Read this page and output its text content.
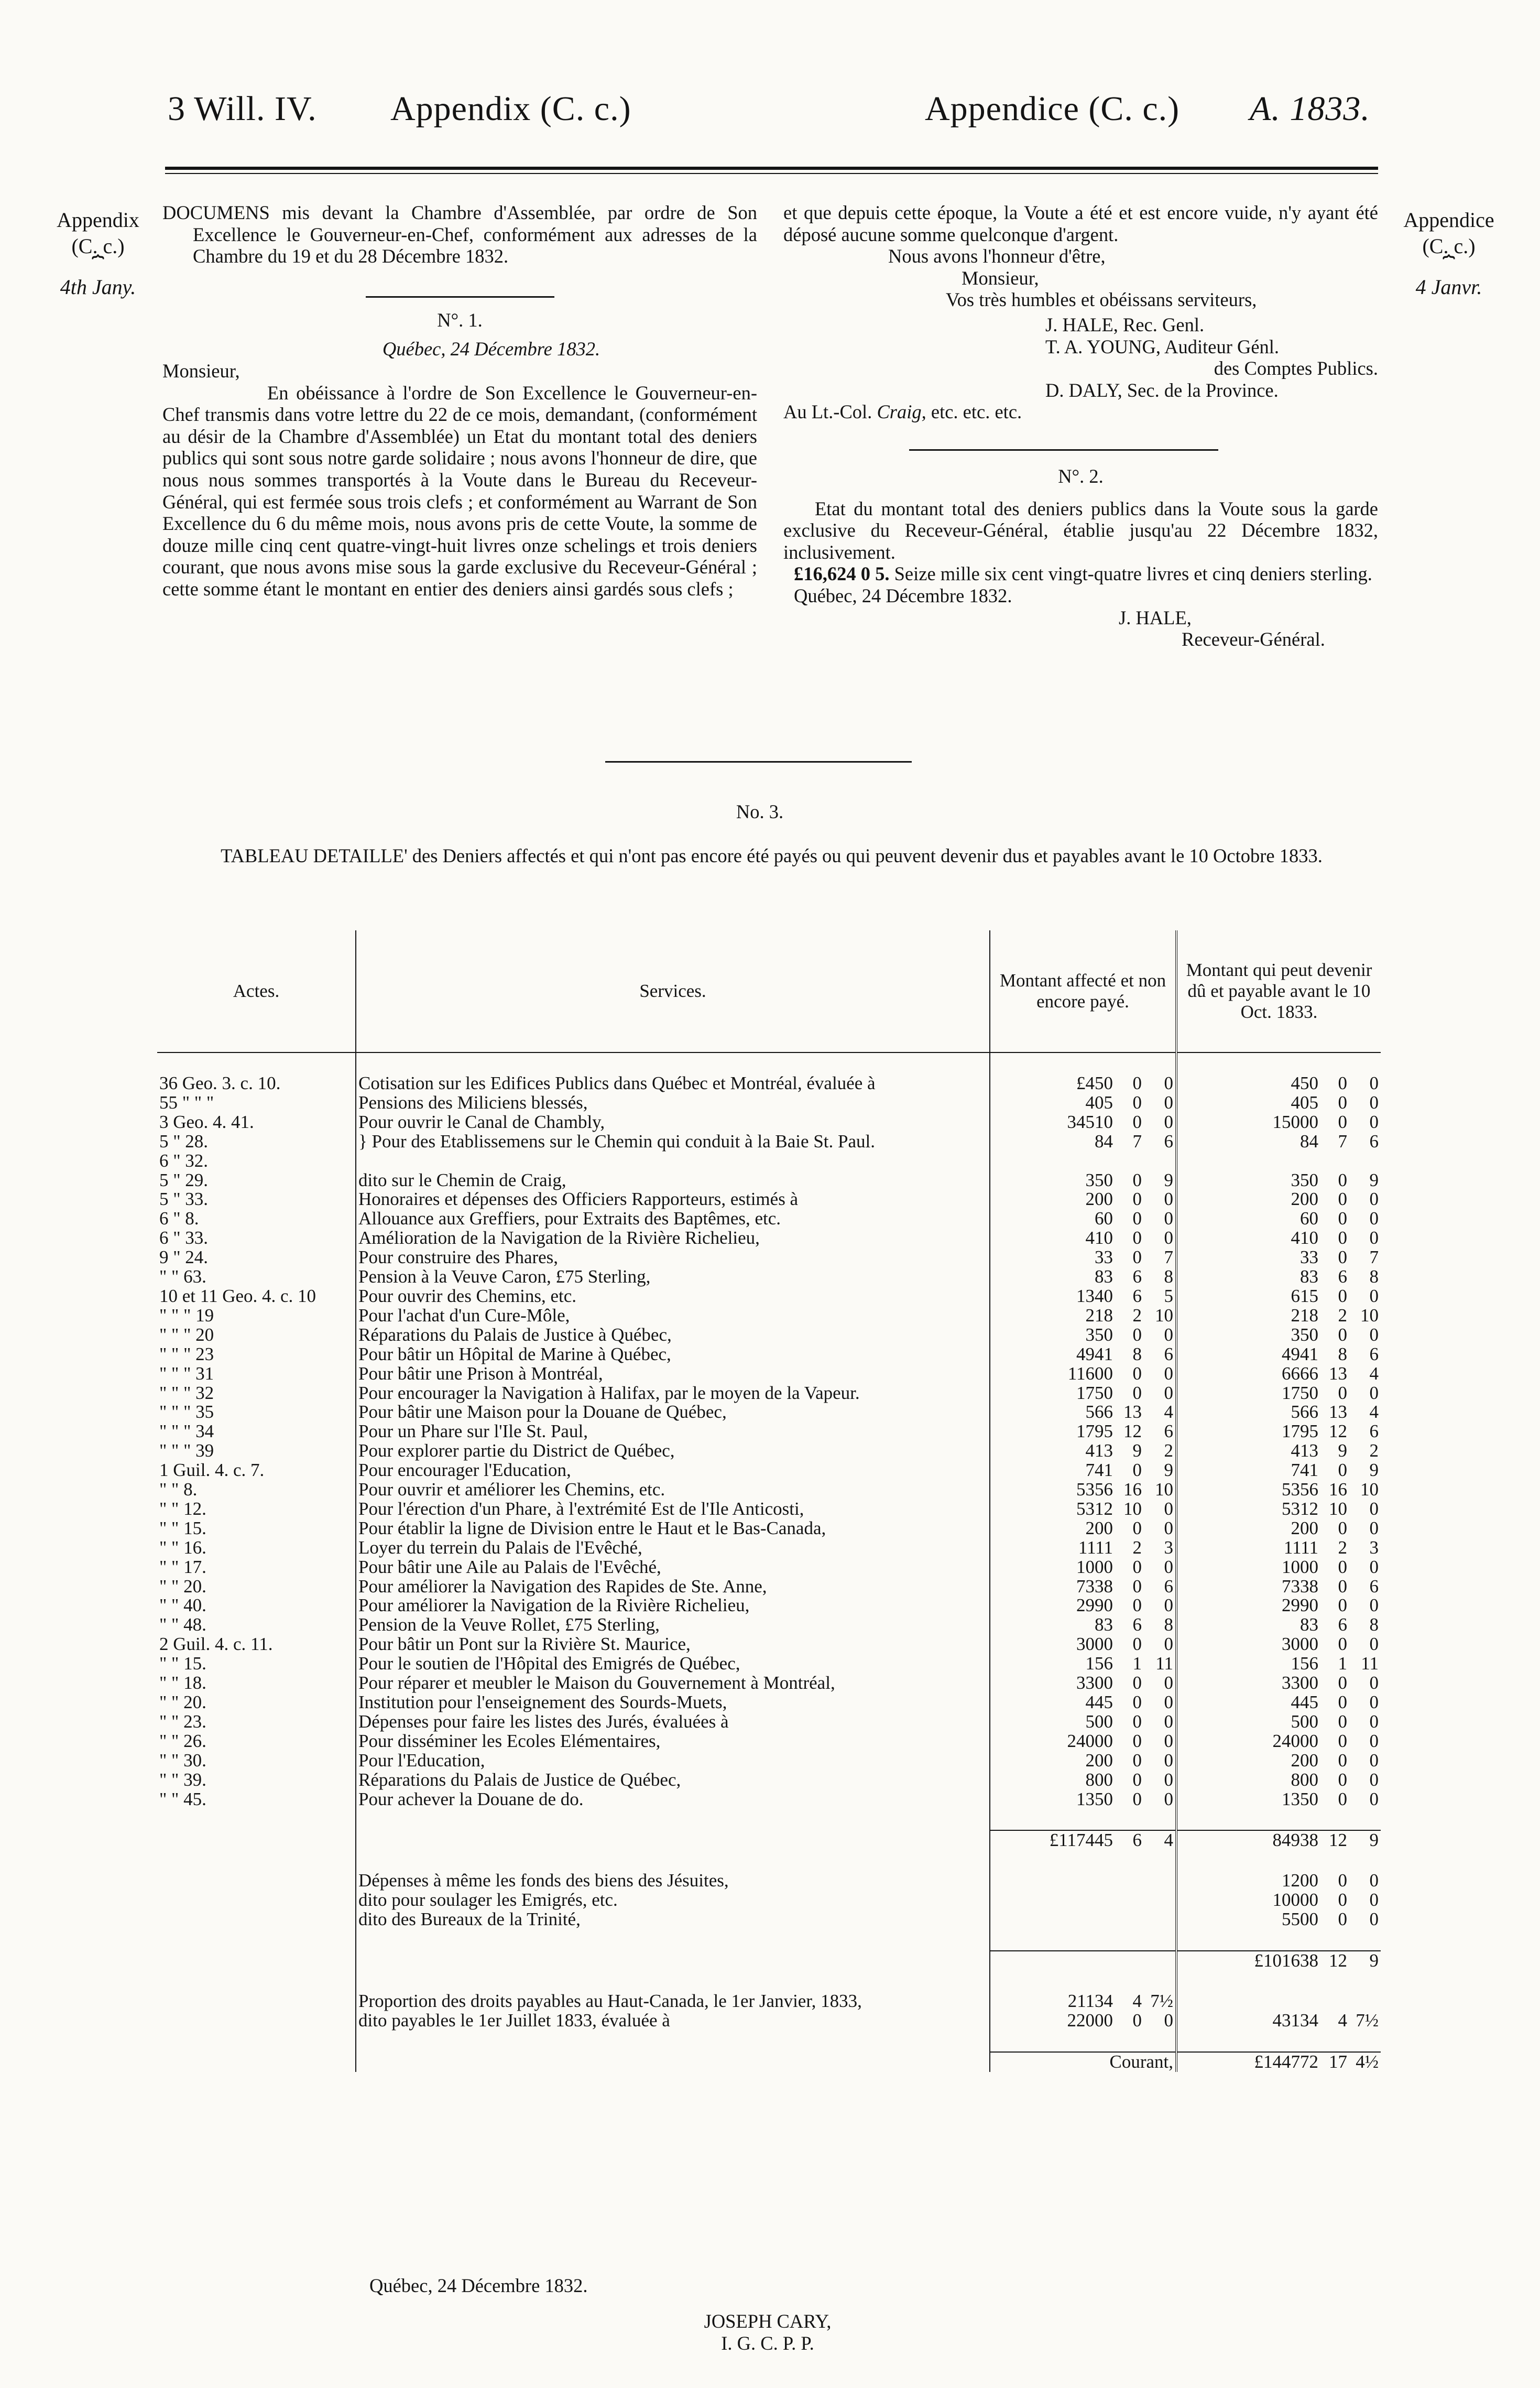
3 Will. IV. Appendix (C. c.)	Appendice (C. c.) A. 1833.
Appendix
(C. c.)
⏞
4th Jany.
Appendice
(C. c.)
⏞
4 Janvr.

DOCUMENS mis devant la Chambre d'Assemblée, par ordre de Son Excellence le Gouverneur-en-Chef, conformément aux adresses de la Chambre du 19 et du 28 Décembre 1832.

N°. 1.

Québec, 24 Décembre 1832.

Monsieur,

En obéissance à l'ordre de Son Excellence le Gouverneur-en-Chef transmis dans votre lettre du 22 de ce mois, demandant, (conformément au désir de la Chambre d'Assemblée) un Etat du montant total des deniers publics qui sont sous notre garde solidaire ; nous avons l'honneur de dire, que nous nous sommes transportés à la Voute dans le Bureau du Receveur-Général, qui est fermée sous trois clefs ; et conformément au Warrant de Son Excellence du 6 du même mois, nous avons pris de cette Voute, la somme de douze mille cinq cent quatre-vingt-huit livres onze schelings et trois deniers courant, que nous avons mise sous la garde exclusive du Receveur-Général ; cette somme étant le montant en entier des deniers ainsi gardés sous clefs ;

et que depuis cette époque, la Voute a été et est encore vuide, n'y ayant été déposé aucune somme quelconque d'argent.

Nous avons l'honneur d'être,

Monsieur,

Vos très humbles et obéissans serviteurs,

J. HALE, Rec. Genl.

T. A. YOUNG, Auditeur Génl.

des Comptes Publics.

D. DALY, Sec. de la Province.

Au Lt.-Col. Craig, etc. etc. etc.

N°. 2.

Etat du montant total des deniers publics dans la Voute sous la garde exclusive du Receveur-Général, établie jusqu'au 22 Décembre 1832, inclusivement.

£16,624 0 5. Seize mille six cent vingt-quatre livres et cinq deniers sterling.

Québec, 24 Décembre 1832.

J. HALE,

Receveur-Général.

No. 3.
TABLEAU DETAILLE' des Deniers affectés et qui n'ont pas encore été payés ou qui peuvent devenir dus et payables avant le 10 Octobre 1833.
Actes.	Services.	Montant affecté et non encore payé.	Montant qui peut devenir dû et payable avant le 10 Oct. 1833.

36 Geo. 3. c. 10.	Cotisation sur les Edifices Publics dans Québec et Montréal, évaluée à	£450 0 0	450 0 0
55 " " "	Pensions des Miliciens blessés,	405 0 0	405 0 0
3 Geo. 4. 41.	Pour ouvrir le Canal de Chambly,	34510 0 0	15000 0 0
5 " 28.	} Pour des Etablissemens sur le Chemin qui conduit à la Baie St. Paul.	84 7 6	84 7 6
6 " 32.			
5 " 29.	dito sur le Chemin de Craig,	350 0 9	350 0 9
5 " 33.	Honoraires et dépenses des Officiers Rapporteurs, estimés à	200 0 0	200 0 0
6 " 8.	Allouance aux Greffiers, pour Extraits des Baptêmes, etc.	60 0 0	60 0 0
6 " 33.	Amélioration de la Navigation de la Rivière Richelieu,	410 0 0	410 0 0
9 " 24.	Pour construire des Phares,	33 0 7	33 0 7
" " 63.	Pension à la Veuve Caron, £75 Sterling,	83 6 8	83 6 8
10 et 11 Geo. 4. c. 10	Pour ouvrir des Chemins, etc.	1340 6 5	615 0 0
" " " 19	Pour l'achat d'un Cure-Môle,	218 2 10	218 2 10
" " " 20	Réparations du Palais de Justice à Québec,	350 0 0	350 0 0
" " " 23	Pour bâtir un Hôpital de Marine à Québec,	4941 8 6	4941 8 6
" " " 31	Pour bâtir une Prison à Montréal,	11600 0 0	6666 13 4
" " " 32	Pour encourager la Navigation à Halifax, par le moyen de la Vapeur.	1750 0 0	1750 0 0
" " " 35	Pour bâtir une Maison pour la Douane de Québec,	566 13 4	566 13 4
" " " 34	Pour un Phare sur l'Ile St. Paul,	1795 12 6	1795 12 6
" " " 39	Pour explorer partie du District de Québec,	413 9 2	413 9 2
1 Guil. 4. c. 7.	Pour encourager l'Education,	741 0 9	741 0 9
" " 8.	Pour ouvrir et améliorer les Chemins, etc.	5356 16 10	5356 16 10
" " 12.	Pour l'érection d'un Phare, à l'extrémité Est de l'Ile Anticosti,	5312 10 0	5312 10 0
" " 15.	Pour établir la ligne de Division entre le Haut et le Bas-Canada,	200 0 0	200 0 0
" " 16.	Loyer du terrein du Palais de l'Evêché,	1111 2 3	1111 2 3
" " 17.	Pour bâtir une Aile au Palais de l'Evêché,	1000 0 0	1000 0 0
" " 20.	Pour améliorer la Navigation des Rapides de Ste. Anne,	7338 0 6	7338 0 6
" " 40.	Pour améliorer la Navigation de la Rivière Richelieu,	2990 0 0	2990 0 0
" " 48.	Pension de la Veuve Rollet, £75 Sterling,	83 6 8	83 6 8
2 Guil. 4. c. 11.	Pour bâtir un Pont sur la Rivière St. Maurice,	3000 0 0	3000 0 0
" " 15.	Pour le soutien de l'Hôpital des Emigrés de Québec,	156 1 11	156 1 11
" " 18.	Pour réparer et meubler le Maison du Gouvernement à Montréal,	3300 0 0	3300 0 0
" " 20.	Institution pour l'enseignement des Sourds-Muets,	445 0 0	445 0 0
" " 23.	Dépenses pour faire les listes des Jurés, évaluées à	500 0 0	500 0 0
" " 26.	Pour disséminer les Ecoles Elémentaires,	24000 0 0	24000 0 0
" " 30.	Pour l'Education,	200 0 0	200 0 0
" " 39.	Réparations du Palais de Justice de Québec,	800 0 0	800 0 0
" " 45.	Pour achever la Douane de do.	1350 0 0	1350 0 0

		£117445 6 4	84938 12 9

	Dépenses à même les fonds des biens des Jésuites,		1200 0 0
	dito pour soulager les Emigrés, etc.		10000 0 0
	dito des Bureaux de la Trinité,		5500 0 0

			£101638 12 9

	Proportion des droits payables au Haut-Canada, le 1er Janvier, 1833,	21134 4 7½	
	dito payables le 1er Juillet 1833, évaluée à	22000 0 0	43134 4 7½

		Courant,	£144772 17 4½
Québec, 24 Décembre 1832.
JOSEPH CARY,
I. G. C. P. P.
